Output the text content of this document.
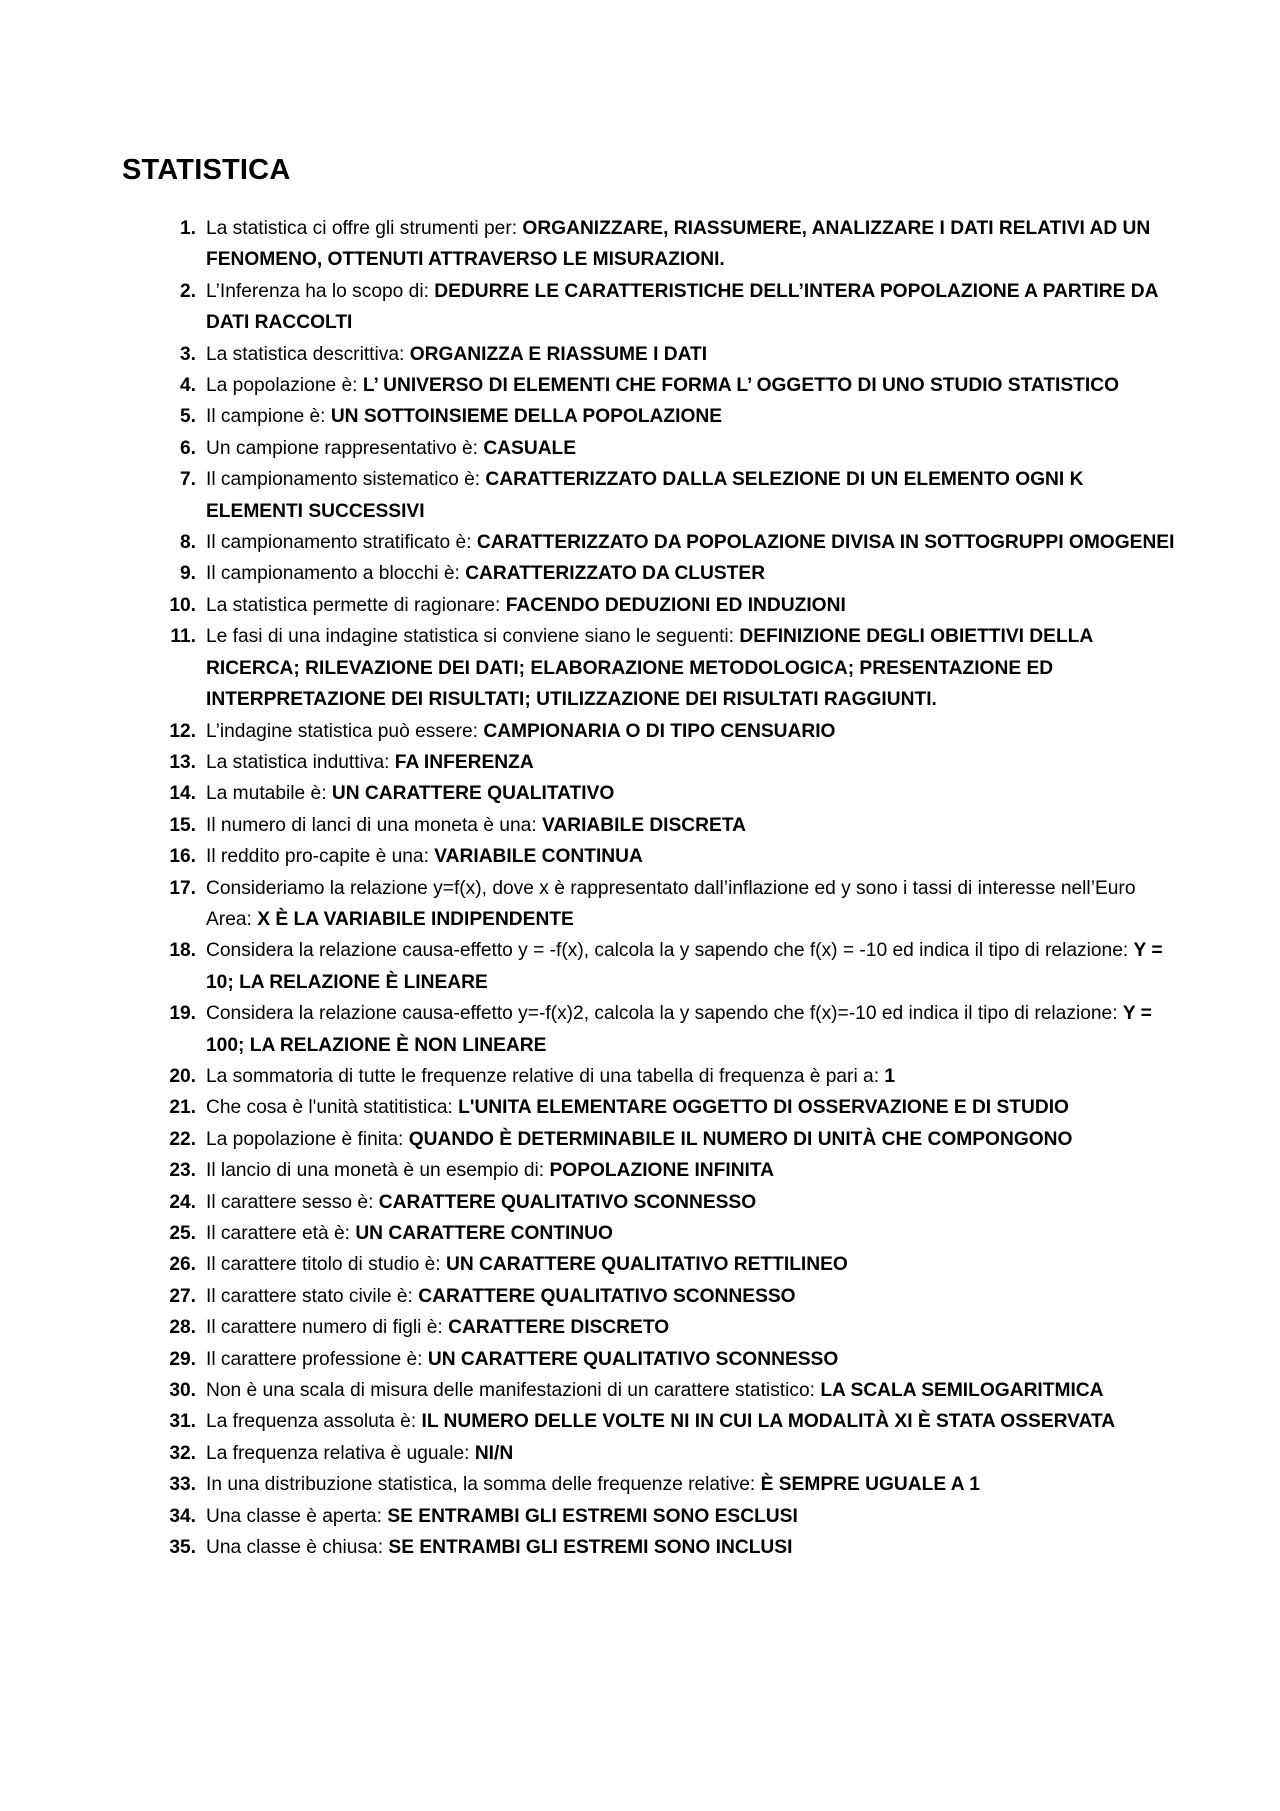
STATISTICA
1. La statistica ci offre gli strumenti per: ORGANIZZARE, RIASSUMERE, ANALIZZARE I DATI RELATIVI AD UN FENOMENO, OTTENUTI ATTRAVERSO LE MISURAZIONI.
2. L’Inferenza ha lo scopo di: DEDURRE LE CARATTERISTICHE DELL’INTERA POPOLAZIONE A PARTIRE DA DATI RACCOLTI
3. La statistica descrittiva: ORGANIZZA E RIASSUME I DATI
4. La popolazione è: L’ UNIVERSO DI ELEMENTI CHE FORMA L’ OGGETTO DI UNO STUDIO STATISTICO
5. Il campione è: UN SOTTOINSIEME DELLA POPOLAZIONE
6. Un campione rappresentativo è: CASUALE
7. Il campionamento sistematico è: CARATTERIZZATO DALLA SELEZIONE DI UN ELEMENTO OGNI K ELEMENTI SUCCESSIVI
8. Il campionamento stratificato è: CARATTERIZZATO DA POPOLAZIONE DIVISA IN SOTTOGRUPPI OMOGENEI
9. Il campionamento a blocchi è: CARATTERIZZATO DA CLUSTER
10. La statistica permette di ragionare: FACENDO DEDUZIONI ED INDUZIONI
11. Le fasi di una indagine statistica si conviene siano le seguenti: DEFINIZIONE DEGLI OBIETTIVI DELLA RICERCA; RILEVAZIONE DEI DATI; ELABORAZIONE METODOLOGICA; PRESENTAZIONE ED INTERPRETAZIONE DEI RISULTATI; UTILIZZAZIONE DEI RISULTATI RAGGIUNTI.
12. L’indagine statistica può essere: CAMPIONARIA O DI TIPO CENSUARIO
13. La statistica induttiva: FA INFERENZA
14. La mutabile è: UN CARATTERE QUALITATIVO
15. Il numero di lanci di una moneta è una: VARIABILE DISCRETA
16. Il reddito pro-capite è una: VARIABILE CONTINUA
17. Consideriamo la relazione y=f(x), dove x è rappresentato dall’inflazione ed y sono i tassi di interesse nell’Euro Area: X È LA VARIABILE INDIPENDENTE
18. Considera la relazione causa-effetto y = -f(x), calcola la y sapendo che f(x) = -10 ed indica il tipo di relazione: Y = 10; LA RELAZIONE È LINEARE
19. Considera la relazione causa-effetto y=-f(x)2, calcola la y sapendo che f(x)=-10 ed indica il tipo di relazione: Y = 100; LA RELAZIONE È NON LINEARE
20. La sommatoria di tutte le frequenze relative di una tabella di frequenza è pari a: 1
21. Che cosa è l'unità statitistica: L'UNITA ELEMENTARE OGGETTO DI OSSERVAZIONE E DI STUDIO
22. La popolazione è finita: QUANDO È DETERMINABILE IL NUMERO DI UNITÀ CHE COMPONGONO
23. Il lancio di una monetà è un esempio di: POPOLAZIONE INFINITA
24. Il carattere sesso è: CARATTERE QUALITATIVO SCONNESSO
25. Il carattere età è: UN CARATTERE CONTINUO
26. Il carattere titolo di studio è: UN CARATTERE QUALITATIVO RETTILINEO
27. Il carattere stato civile è: CARATTERE QUALITATIVO SCONNESSO
28. Il carattere numero di figli è: CARATTERE DISCRETO
29. Il carattere professione è: UN CARATTERE QUALITATIVO SCONNESSO
30. Non è una scala di misura delle manifestazioni di un carattere statistico: LA SCALA SEMILOGARITMICA
31. La frequenza assoluta è: IL NUMERO DELLE VOLTE NI IN CUI LA MODALITÀ XI È STATA OSSERVATA
32. La frequenza relativa è uguale: NI/N
33. In una distribuzione statistica, la somma delle frequenze relative: È SEMPRE UGUALE A 1
34. Una classe è aperta: SE ENTRAMBI GLI ESTREMI SONO ESCLUSI
35. Una classe è chiusa: SE ENTRAMBI GLI ESTREMI SONO INCLUSI
